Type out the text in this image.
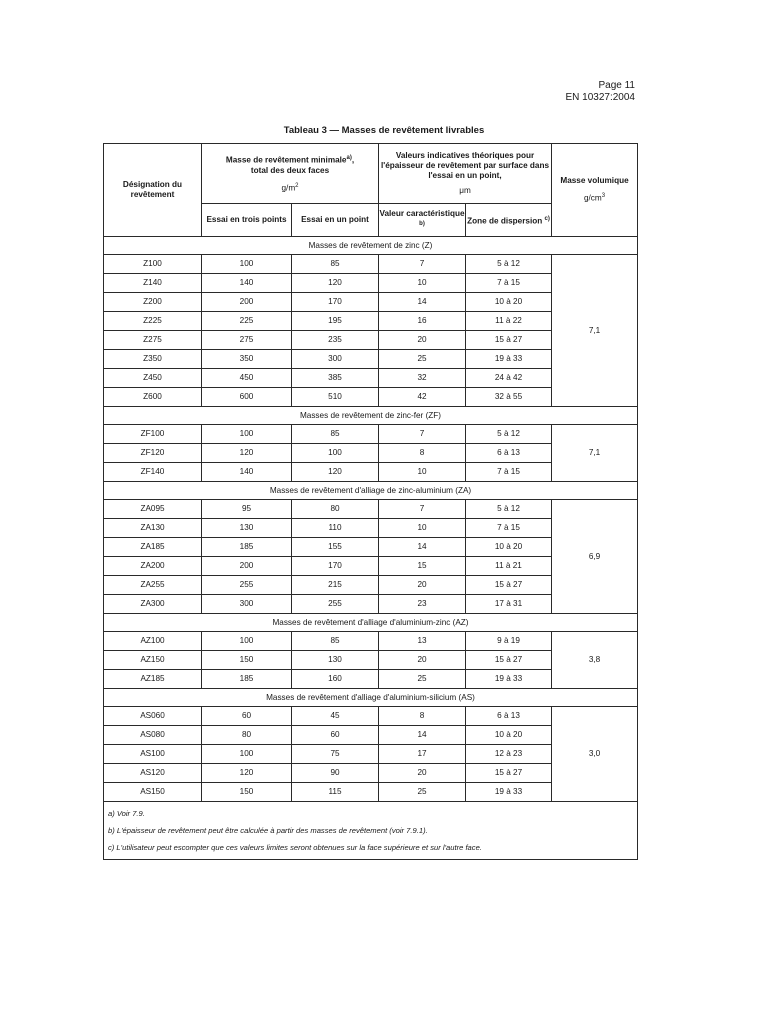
Page 11
EN 10327:2004
Tableau 3 — Masses de revêtement livrables
Désignation du revêtement	Masse de revêtement minimale$^{a)}$,
total des deux faces
$g/m^2$		Valeurs indicatives théoriques pour l'épaisseur de revêtement par surface dans l'essai en un point,
μm		Masse volumique
$g/cm^3$

	Essai en trois points	Essai en un point	Valeur caractéristique $^{b)}$	Zone de dispersion $^{c)}$
Masses de revêtement de zinc (Z)					
Z100	100	85	7	5 à 12	7,1
Z140	140	120	10	7 à 15	
Z200	200	170	14	10 à 20	
Z225	225	195	16	11 à 22	
Z275	275	235	20	15 à 27	
Z350	350	300	25	19 à 33	
Z450	450	385	32	24 à 42	
Z600	600	510	42	32 à 55	
Masses de revêtement de zinc-fer (ZF)					
ZF100	100	85	7	5 à 12	7,1
ZF120	120	100	8	6 à 13	
ZF140	140	120	10	7 à 15	
Masses de revêtement d'alliage de zinc-aluminium (ZA)					
ZA095	95	80	7	5 à 12	6,9
ZA130	130	110	10	7 à 15	
ZA185	185	155	14	10 à 20	
ZA200	200	170	15	11 à 21	
ZA255	255	215	20	15 à 27	
ZA300	300	255	23	17 à 31	
Masses de revêtement d'alliage d'aluminium-zinc (AZ)					
AZ100	100	85	13	9 à 19	3,8
AZ150	150	130	20	15 à 27	
AZ185	185	160	25	19 à 33	
Masses de revêtement d'alliage d'aluminium-silicium (AS)					
AS060	60	45	8	6 à 13	3,0
AS080	80	60	14	10 à 20	
AS100	100	75	17	12 à 23	
AS120	120	90	20	15 à 27	
AS150	150	115	25	19 à 33	

a) Voir 7.9.
b) L'épaisseur de revêtement peut être calculée à partir des masses de revêtement (voir 7.9.1).
c) L'utilisateur peut escompter que ces valeurs limites seront obtenues sur la face supérieure et sur l'autre face.					
